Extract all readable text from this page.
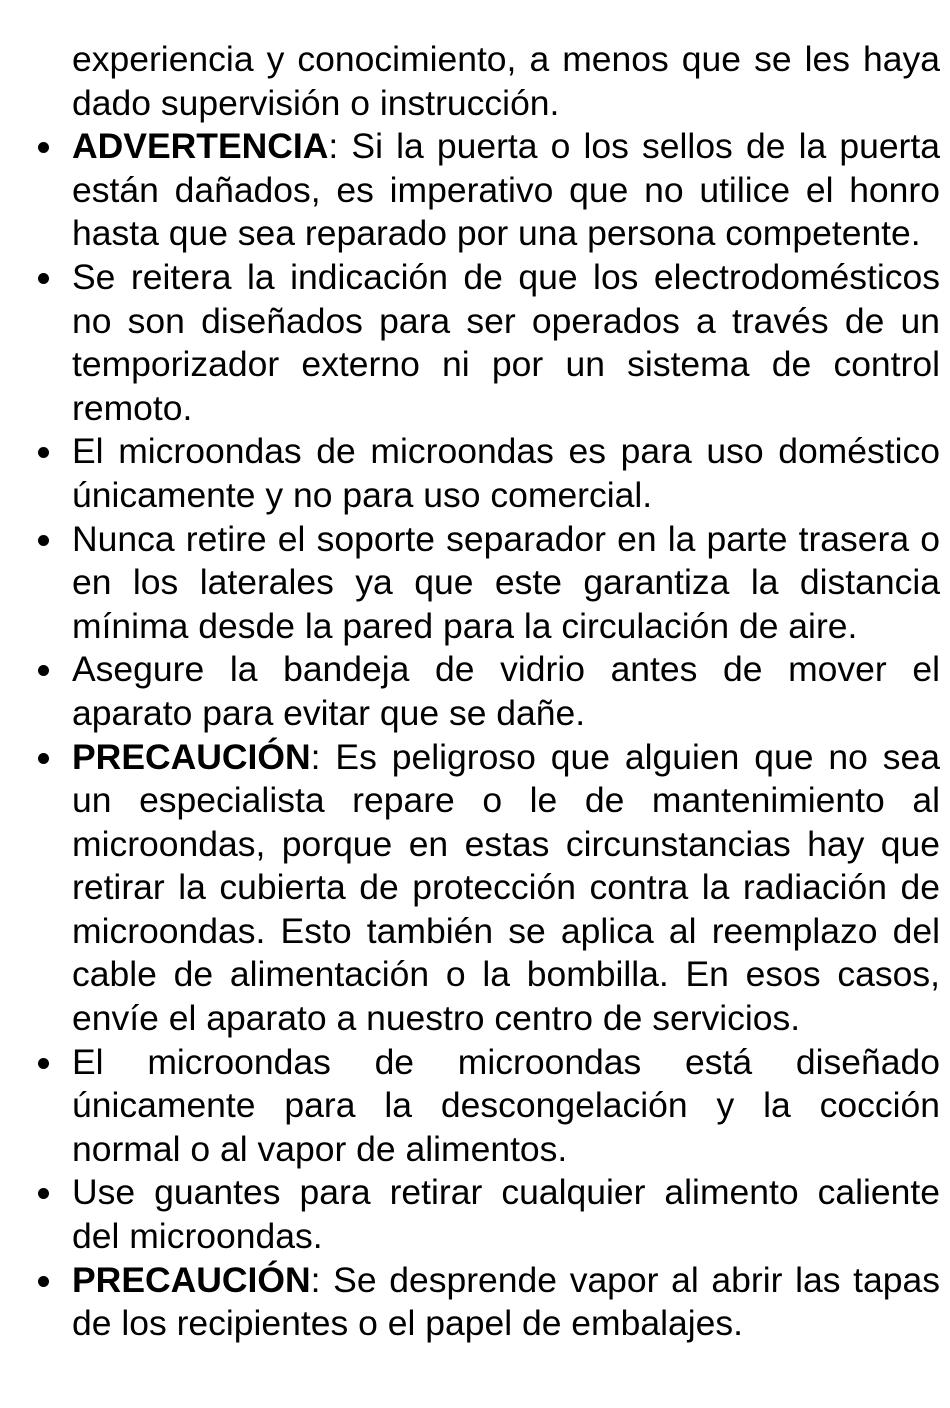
experiencia y conocimiento, a menos que se les haya dado supervisión o instrucción.

ADVERTENCIA: Si la puerta o los sellos de la puerta están dañados, es imperativo que no utilice el honro hasta que sea reparado por una persona competente.
Se reitera la indicación de que los electrodomésticos no son diseñados para ser operados a través de un temporizador externo ni por un sistema de control remoto.
El microondas de microondas es para uso doméstico únicamente y no para uso comercial.
Nunca retire el soporte separador en la parte trasera o en los laterales ya que este garantiza la distancia mínima desde la pared para la circulación de aire.
Asegure la bandeja de vidrio antes de mover el aparato para evitar que se dañe.
PRECAUCIÓN: Es peligroso que alguien que no sea un especialista repare o le de mantenimiento al microondas, porque en estas circunstancias hay que retirar la cubierta de protección contra la radiación de microondas. Esto también se aplica al reemplazo del cable de alimentación o la bombilla. En esos casos, envíe el aparato a nuestro centro de servicios.
El microondas de microondas está diseñado únicamente para la descongelación y la cocción normal o al vapor de alimentos.
Use guantes para retirar cualquier alimento caliente del microondas.
PRECAUCIÓN: Se desprende vapor al abrir las tapas de los recipientes o el papel de embalajes.
